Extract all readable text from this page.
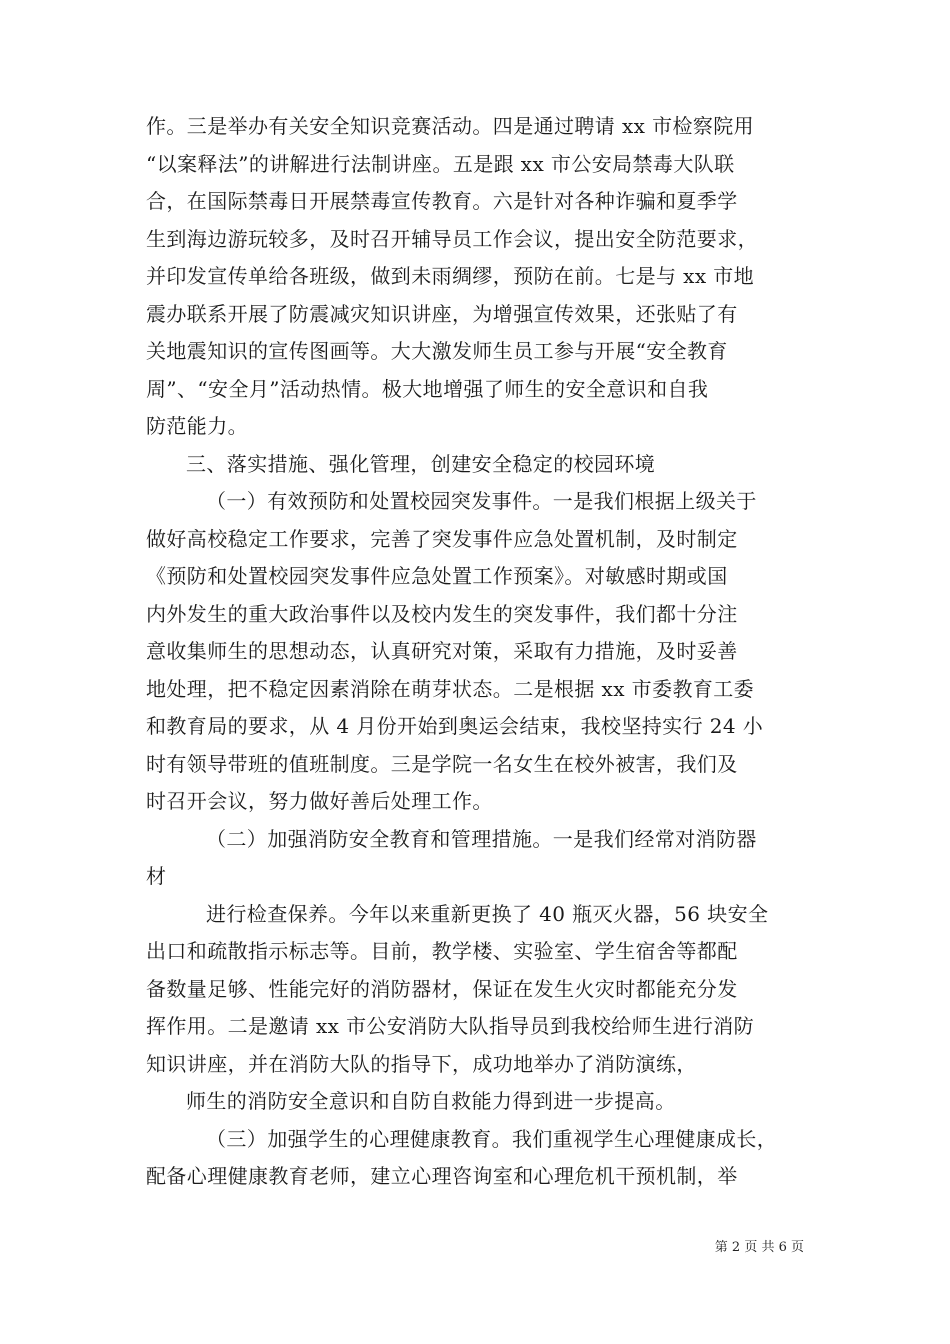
作。三是举办有关安全知识竞赛活动。四是通过聘请 xx 市检察院用
“以案释法”的讲解进行法制讲座。五是跟 xx 市公安局禁毒大队联
合，在国际禁毒日开展禁毒宣传教育。六是针对各种诈骗和夏季学
生到海边游玩较多，及时召开辅导员工作会议，提出安全防范要求，
并印发宣传单给各班级，做到未雨绸缪，预防在前。七是与 xx 市地
震办联系开展了防震减灾知识讲座，为增强宣传效果，还张贴了有
关地震知识的宣传图画等。大大激发师生员工参与开展“安全教育
周”、“安全月”活动热情。极大地增强了师生的安全意识和自我
防范能力。
三、落实措施、强化管理，创建安全稳定的校园环境
（一）有效预防和处置校园突发事件。一是我们根据上级关于
做好高校稳定工作要求，完善了突发事件应急处置机制，及时制定
《预防和处置校园突发事件应急处置工作预案》。对敏感时期或国
内外发生的重大政治事件以及校内发生的突发事件，我们都十分注
意收集师生的思想动态，认真研究对策，采取有力措施，及时妥善
地处理，把不稳定因素消除在萌芽状态。二是根据 xx 市委教育工委
和教育局的要求，从 4 月份开始到奥运会结束，我校坚持实行 24 小
时有领导带班的值班制度。三是学院一名女生在校外被害，我们及
时召开会议，努力做好善后处理工作。
（二）加强消防安全教育和管理措施。一是我们经常对消防器
材
进行检查保养。今年以来重新更换了 40 瓶灭火器，56 块安全
出口和疏散指示标志等。目前，教学楼、实验室、学生宿舍等都配
备数量足够、性能完好的消防器材，保证在发生火灾时都能充分发
挥作用。二是邀请 xx 市公安消防大队指导员到我校给师生进行消防
知识讲座，并在消防大队的指导下，成功地举办了消防演练，
师生的消防安全意识和自防自救能力得到进一步提高。
（三）加强学生的心理健康教育。我们重视学生心理健康成长，
配备心理健康教育老师，建立心理咨询室和心理危机干预机制，举
第 2 页 共 6 页
